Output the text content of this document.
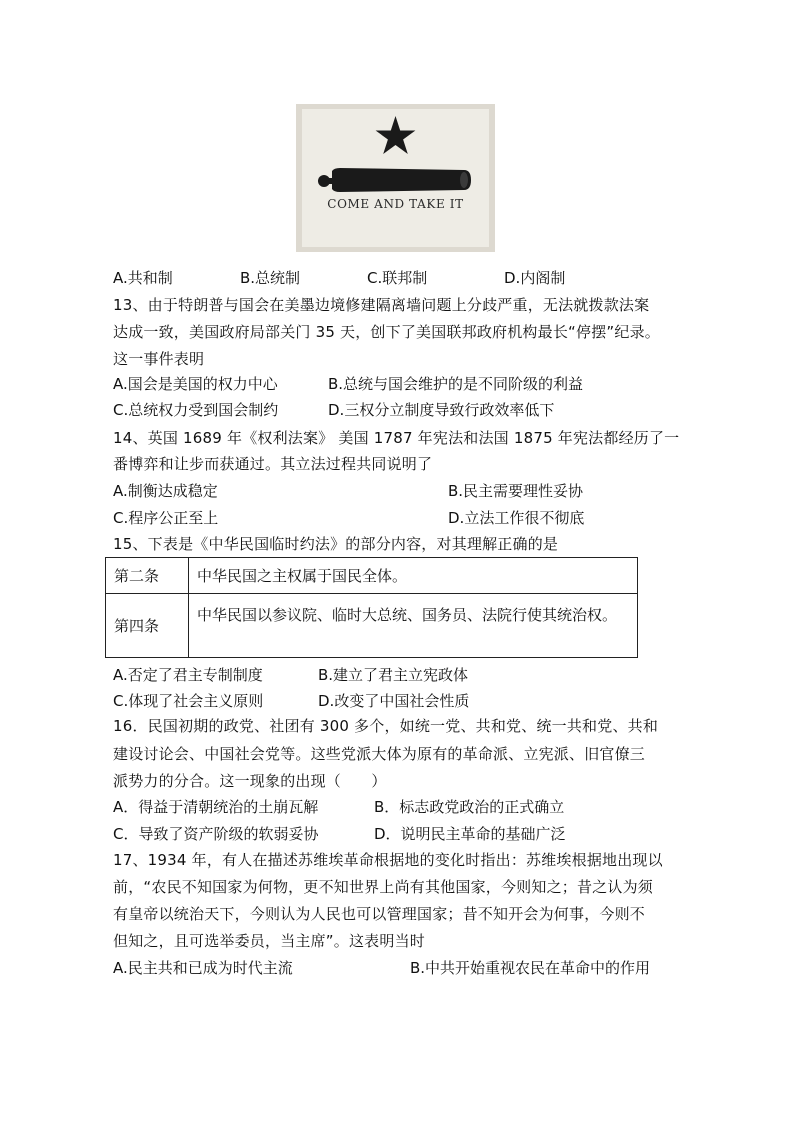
COME AND TAKE IT
A.共和制	B.总统制	C.联邦制	D.内阁制
13、由于特朗普与国会在美墨边境修建隔离墙问题上分歧严重，无法就拨款法案
达成一致，美国政府局部关门 35 天，创下了美国联邦政府机构最长“停摆”纪录。
这一事件表明
A.国会是美国的权力中心	B.总统与国会维护的是不同阶级的利益
C.总统权力受到国会制约	D.三权分立制度导致行政效率低下
14、英国 1689 年《权利法案》 美国 1787 年宪法和法国 1875 年宪法都经历了一
番博弈和让步而获通过。其立法过程共同说明了
A.制衡达成稳定	B.民主需要理性妥协
C.程序公正至上	D.立法工作很不彻底
15、下表是《中华民国临时约法》的部分内容，对其理解正确的是
第二条	中华民国之主权属于国民全体。
第四条	中华民国以参议院、临时大总统、国务员、法院行使其统治权。
A.否定了君主专制制度	B.建立了君主立宪政体
C.体现了社会主义原则	D.改变了中国社会性质
16．民国初期的政党、社团有 300 多个，如统一党、共和党、统一共和党、共和
建设讨论会、中国社会党等。这些党派大体为原有的革命派、立宪派、旧官僚三
派势力的分合。这一现象的出现（　　）
A．得益于清朝统治的土崩瓦解	B．标志政党政治的正式确立
C．导致了资产阶级的软弱妥协	D．说明民主革命的基础广泛
17、1934 年，有人在描述苏维埃革命根据地的变化时指出：苏维埃根据地出现以
前，“农民不知国家为何物，更不知世界上尚有其他国家，今则知之；昔之认为须
有皇帝以统治天下，今则认为人民也可以管理国家；昔不知开会为何事，今则不
但知之，且可选举委员，当主席”。这表明当时
A.民主共和已成为时代主流	B.中共开始重视农民在革命中的作用
